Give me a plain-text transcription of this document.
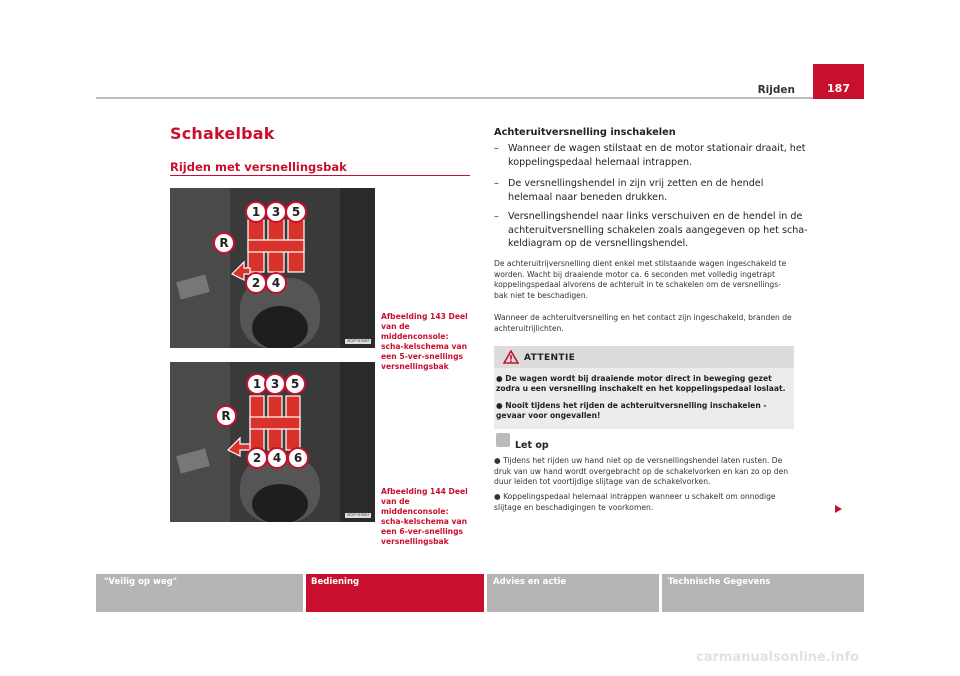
Rijden	187
Schakelbak
Rijden met versnellingsbak
1 3 5
R
2 4
B5P-0489
Afbeelding 143 Deel van de middenconsole: scha-kelschema van een 5-ver-snellings versnellingsbak
1 3 5
R
2 4 6
B5P-0480
Afbeelding 144 Deel van de middenconsole: scha-kelschema van een 6-ver-snellings versnellingsbak
Achteruitversnelling inschakelen
– Wanneer de wagen stilstaat en de motor stationair draait, het koppelingspedaal helemaal intrappen.
– De versnellingshendel in zijn vrij zetten en de hendel helemaal naar beneden drukken.
– Versnellingshendel naar links verschuiven en de hendel in de achteruitversnelling schakelen zoals aangegeven op het scha-keldiagram op de versnellingshendel.
De achteruitrijversnelling dient enkel met stilstaande wagen ingeschakeld te worden. Wacht bij draaiende motor ca. 6 seconden met volledig ingetrapt koppelingspedaal alvorens de achteruit in te schakelen om de versnellings-bak niet te beschadigen.
Wanneer de achteruitversnelling en het contact zijn ingeschakeld, branden de achteruitrijlichten.
ATTENTIE
● De wagen wordt bij draaiende motor direct in beweging gezet zodra u een versnelling inschakelt en het koppelingspedaal loslaat.
● Nooit tijdens het rijden de achteruitversnelling inschakelen - gevaar voor ongevallen!
Let op
● Tijdens het rijden uw hand niet op de versnellingshendel laten rusten. De druk van uw hand wordt overgebracht op de schakelvorken en kan zo op den duur leiden tot voortijdige slijtage van de schakelvorken.
● Koppelingspedaal helemaal intrappen wanneer u schakelt om onnodige slijtage en beschadigingen te voorkomen.
"Veilig op weg"	Bediening	Advies en actie	Technische Gegevens
carmanualsonline.info
